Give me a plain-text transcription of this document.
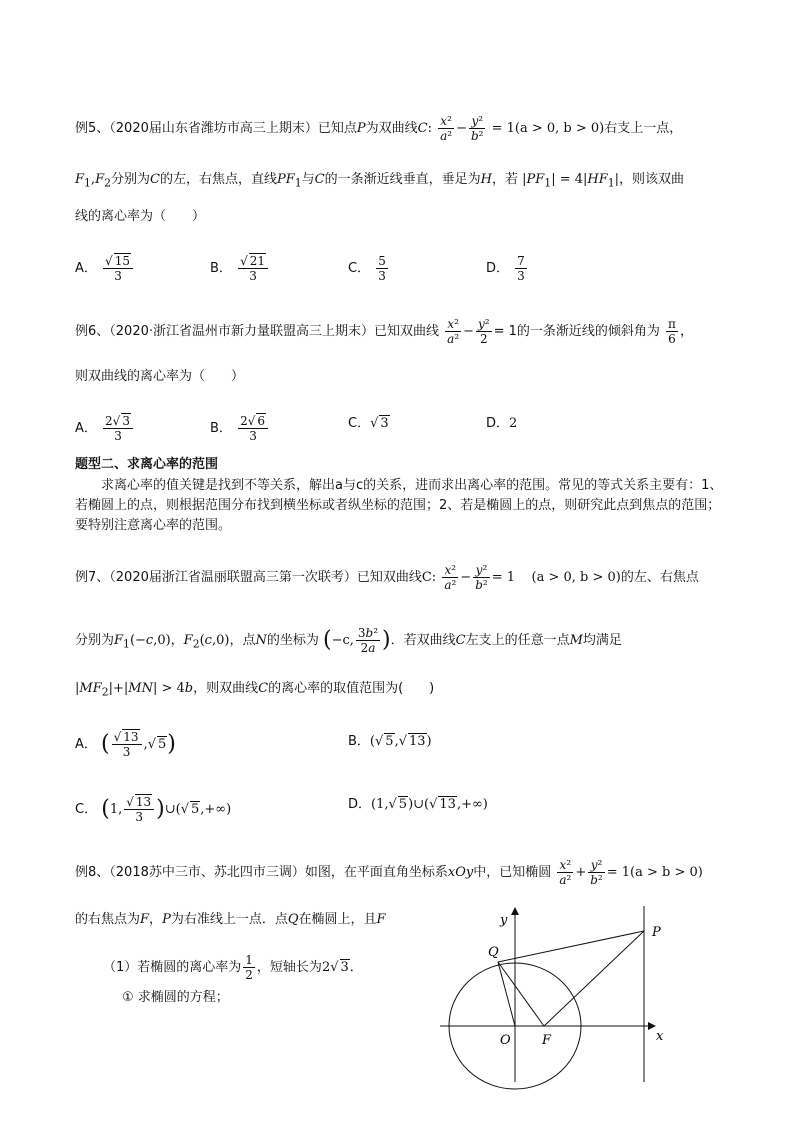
例5、（2020届山东省潍坊市高三上期末）已知点P为双曲线C: $\frac{\text{x²}}{\text{a²}} - \frac{\text{y²}}{\text{b²}} = 1(a > 0$, b > 0)右支上一点，
$F_1,F_2$分别为C的左，右焦点，直线$PF_1$与C的一条渐近线垂直，垂足为H，若 $|PF_1| = 4|HF_1|$，则该双曲
线的离心率为（　　）
A． $\frac{√ 15}{3}$	B． $\frac{√ 21}{3}$	C． $\frac{5}{3}$	D． $\frac{7}{3}$
例6、（2020·浙江省温州市新力量联盟高三上期末）已知双曲线 $\frac{\text{x²}}{\text{a²}} - \frac{\text{y²}}{2} = 1$的一条渐近线的倾斜角为 $\frac{\pi}{6}$ ，
则双曲线的离心率为（　　）
A． $\frac{2√ 3}{3}$	B． $\frac{2√ 6}{3}$	C．√ 3	D．2
题型二、求离心率的范围
求离心率的值关键是找到不等关系，解出a与c的关系，进而求出离心率的范围。常见的等式关系主要有：1、若椭圆上的点，则根据范围分布找到横坐标或者纵坐标的范围；2、若是椭圆上的点，则研究此点到焦点的范围；要特别注意离心率的范围。
例7、（2020届浙江省温丽联盟高三第一次联考）已知双曲线C: $\frac{\text{x²}}{\text{a²}} - \frac{\text{y²}}{\text{b²}} = 1$    (a > 0, b > 0)的左、右焦点
分别为$F_1(-c,0)$，$F_2(c,0)$，点N的坐标为 (−c, $\frac{\text{3b²}}{2a}$ )．若双曲线C左支上的任意一点M均满足
$|MF_2|+|MN| > 4b$，则双曲线C的离心率的取值范围为(　　)
A． ( $\frac{√ 13}{3}$ ,√ 5)	B．(√ 5,√ 13)
C． (1, $\frac{√ 13}{3}$ )∪(√ 5,+∞)	D．(1,√ 5)∪(√ 13,+∞)
例8、（2018苏中三市、苏北四市三调）如图，在平面直角坐标系xOy中，已知椭圆 $\frac{\text{x²}}{\text{a²}} + \frac{\text{y²}}{\text{b²}} = 1(a > b > 0)$
的右焦点为F，P为右准线上一点．点Q在椭圆上，且F
（1）若椭圆的离心率为 $\frac{1}{2}$ ，短轴长为2√ 3．
① 求椭圆的方程；
y
x
O F
P
Q
